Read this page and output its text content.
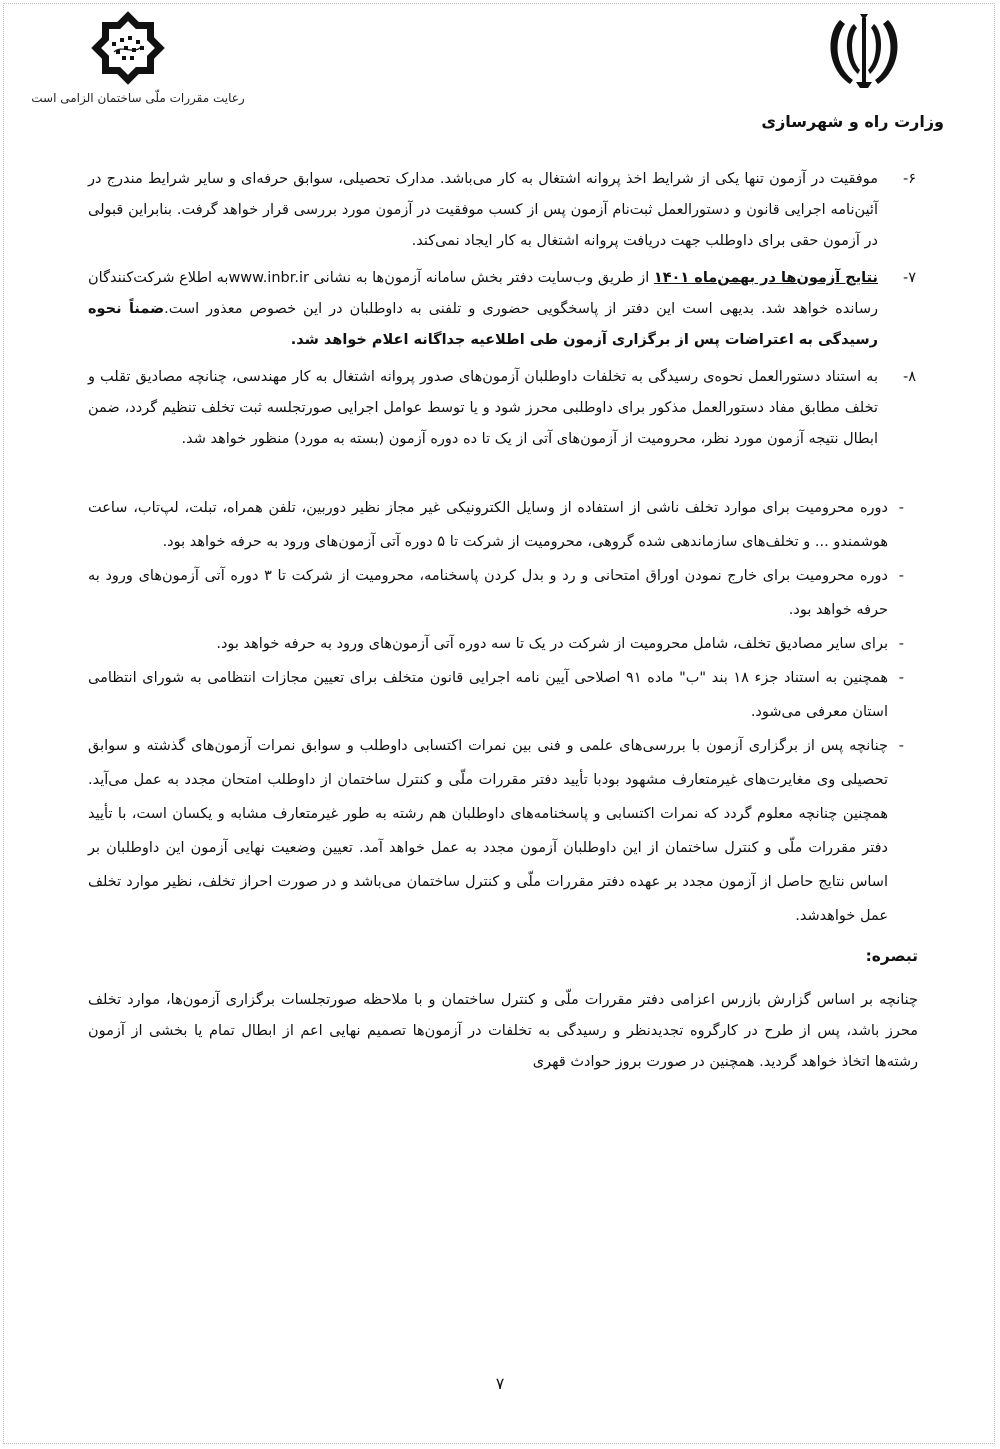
وزارت راه و شهرسازی
رعایت مقررات ملّی ساختمان الزامی است
۶-

موفقیت در آزمون تنها یکی از شرایط اخذ پروانه اشتغال به کار می‌باشد. مدارک تحصیلی، سوابق حرفه‌ای و سایر شرایط مندرج در آئین‌نامه اجرایی قانون و دستورالعمل ثبت‌نام آزمون پس از کسب موفقیت در آزمون مورد بررسی قرار خواهد گرفت. بنابراین قبولی در آزمون حقی برای داوطلب جهت دریافت پروانه اشتغال به کار ایجاد نمی‌کند.

۷-

نتایج آزمون‌ها در بهمن‌ماه ۱۴۰۱ از طریق وب‌سایت دفتر بخش سامانه آزمون‌ها به نشانی www.inbr.irبه اطلاع شرکت‌کنندگان رسانده خواهد شد. بدیهی است این دفتر از پاسخگویی حضوری و تلفنی به داوطلبان در این خصوص معذور است.ضمناً نحوه رسیدگی به اعتراضات پس از برگزاری آزمون طی اطلاعیه جداگانه اعلام خواهد شد.

۸-

به استناد دستورالعمل نحوه‌ی رسیدگی به تخلفات داوطلبان آزمون‌های صدور پروانه اشتغال به کار مهندسی، چنانچه مصادیق تقلب و تخلف مطابق مفاد دستورالعمل مذکور برای داوطلبی محرز شود و یا توسط عوامل اجرایی صورتجلسه ثبت تخلف تنظیم گردد، ضمن ابطال نتیجه آزمون مورد نظر، محرومیت از آزمون‌های آتی از یک تا ده دوره آزمون (بسته به مورد) منظور خواهد شد.

-

دوره محرومیت برای موارد تخلف ناشی از استفاده از وسایل الکترونیکی غیر مجاز نظیر دوربین، تلفن همراه، تبلت، لپ‌تاب، ساعت هوشمندو ... و تخلف‌های سازماندهی شده گروهی، محرومیت از شرکت تا ۵ دوره آتی آزمون‌های ورود به حرفه خواهد بود.

-

دوره محرومیت برای خارج نمودن اوراق امتحانی و رد و بدل کردن پاسخنامه، محرومیت از شرکت تا ۳ دوره آتی آزمون‌های ورود به حرفه خواهد بود.

-

برای سایر مصادیق تخلف، شامل محرومیت از شرکت در یک تا سه دوره آتی آزمون‌های ورود به حرفه خواهد بود.

-

همچنین به استناد جزء ۱۸ بند "ب" ماده ۹۱ اصلاحی آیین نامه اجرایی قانون متخلف برای تعیین مجازات انتظامی به شورای انتظامی استان معرفی می‌شود.

-

چنانچه پس از برگزاری آزمون با بررسی‌های علمی و فنی بین نمرات اکتسابی داوطلب و سوابق نمرات آزمون‌های گذشته و سوابق تحصیلی وی مغایرت‌های غیرمتعارف مشهود بودبا تأیید دفتر مقررات ملّی و کنترل ساختمان از داوطلب امتحان مجدد به عمل می‌آید. همچنین چنانچه معلوم گردد که نمرات اکتسابی و پاسخنامه‌های داوطلبان هم رشته به طور غیرمتعارف مشابه و یکسان است، با تأیید دفتر مقررات ملّی و کنترل ساختمان از این داوطلبان آزمون مجدد به عمل خواهد آمد. تعیین وضعیت نهایی آزمون این داوطلبان بر اساس نتایج حاصل از آزمون مجدد بر عهده دفتر مقررات ملّی و کنترل ساختمان می‌باشد و در صورت احراز تخلف، نظیر موارد تخلف عمل خواهدشد.

تبصره:

چنانچه بر اساس گزارش بازرس اعزامی دفتر مقررات ملّی و کنترل ساختمان و با ملاحظه صورتجلسات برگزاری آزمون‌ها، موارد تخلف محرز باشد، پس از طرح در کارگروه تجدیدنظر و رسیدگی به تخلفات در آزمون‌ها تصمیم نهایی اعم از ابطال تمام یا بخشی از آزمون رشته‌ها اتخاذ خواهد گردید. همچنین در صورت بروز حوادث قهری

۷
